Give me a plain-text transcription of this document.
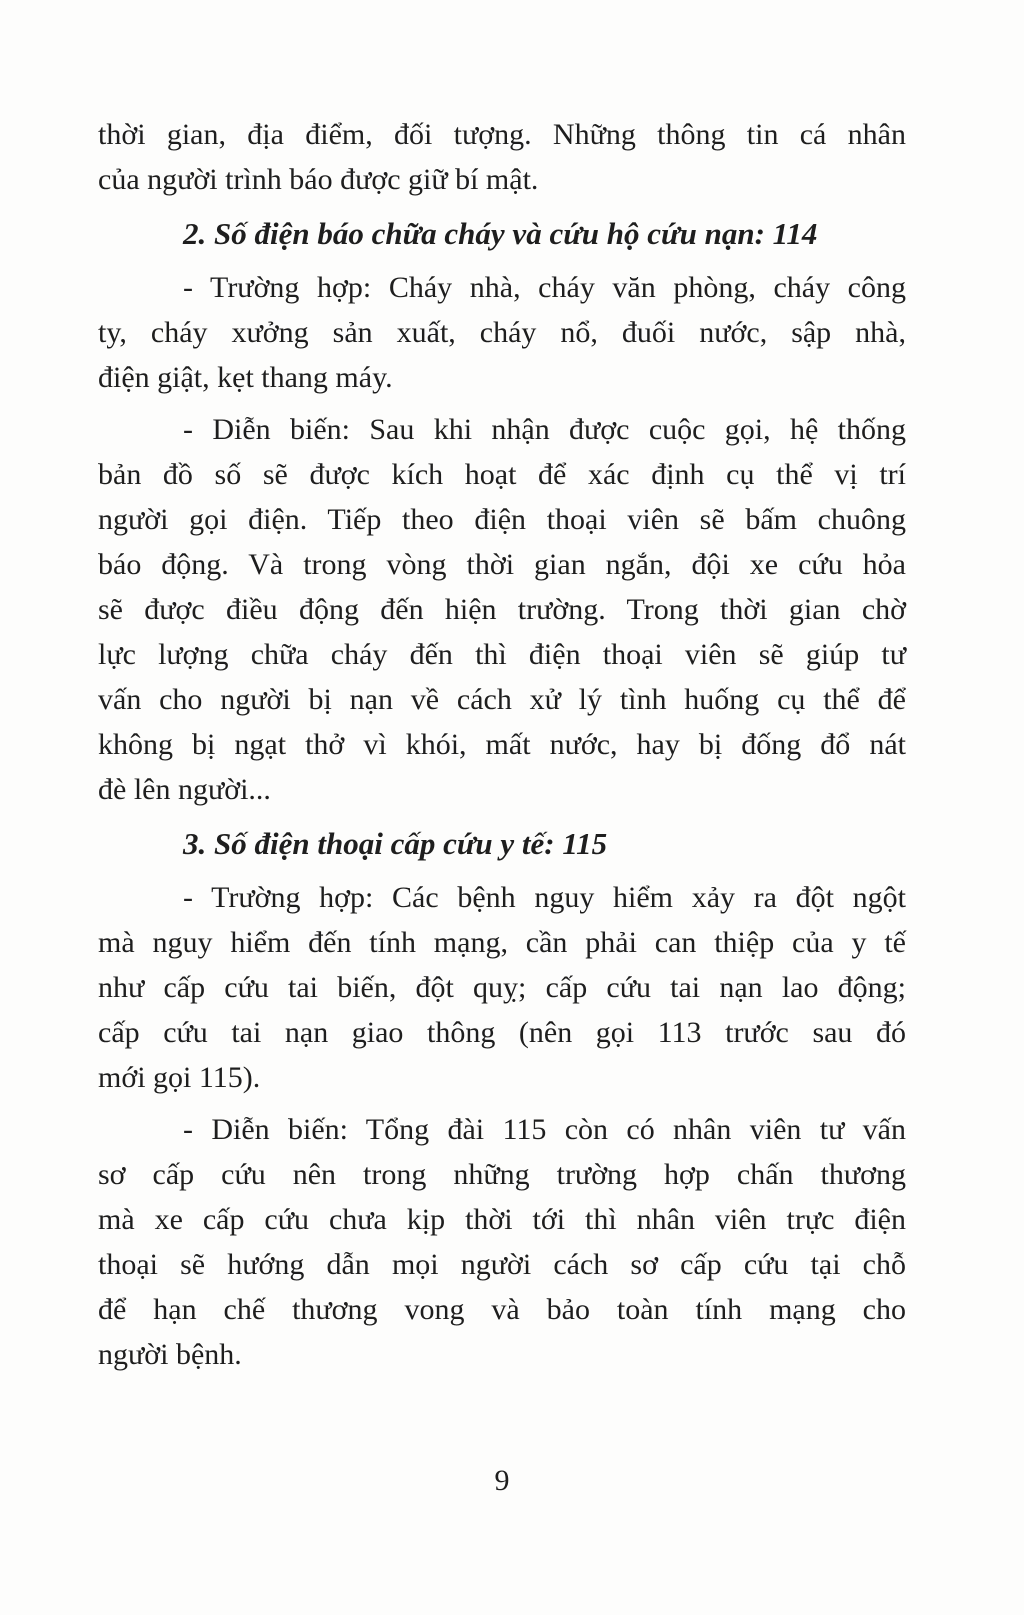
thời gian, địa điểm, đối tượng. Những thông tin cá nhân
của người trình báo được giữ bí mật.
2. Số điện báo chữa cháy và cứu hộ cứu nạn: 114
- Trường hợp: Cháy nhà, cháy văn phòng, cháy công
ty, cháy xưởng sản xuất, cháy nổ, đuối nước, sập nhà,
điện giật, kẹt thang máy.
- Diễn biến: Sau khi nhận được cuộc gọi, hệ thống
bản đồ số sẽ được kích hoạt để xác định cụ thể vị trí
người gọi điện. Tiếp theo điện thoại viên sẽ bấm chuông
báo động. Và trong vòng thời gian ngắn, đội xe cứu hỏa
sẽ được điều động đến hiện trường. Trong thời gian chờ
lực lượng chữa cháy đến thì điện thoại viên sẽ giúp tư
vấn cho người bị nạn về cách xử lý tình huống cụ thể để
không bị ngạt thở vì khói, mất nước, hay bị đống đổ nát
đè lên người...
3. Số điện thoại cấp cứu y tế: 115
- Trường hợp: Các bệnh nguy hiểm xảy ra đột ngột
mà nguy hiểm đến tính mạng, cần phải can thiệp của y tế
như cấp cứu tai biến, đột quỵ; cấp cứu tai nạn lao động;
cấp cứu tai nạn giao thông (nên gọi 113 trước sau đó
mới gọi 115).
- Diễn biến: Tổng đài 115 còn có nhân viên tư vấn
sơ cấp cứu nên trong những trường hợp chấn thương
mà xe cấp cứu chưa kịp thời tới thì nhân viên trực điện
thoại sẽ hướng dẫn mọi người cách sơ cấp cứu tại chỗ
để hạn chế thương vong và bảo toàn tính mạng cho
người bệnh.
9
